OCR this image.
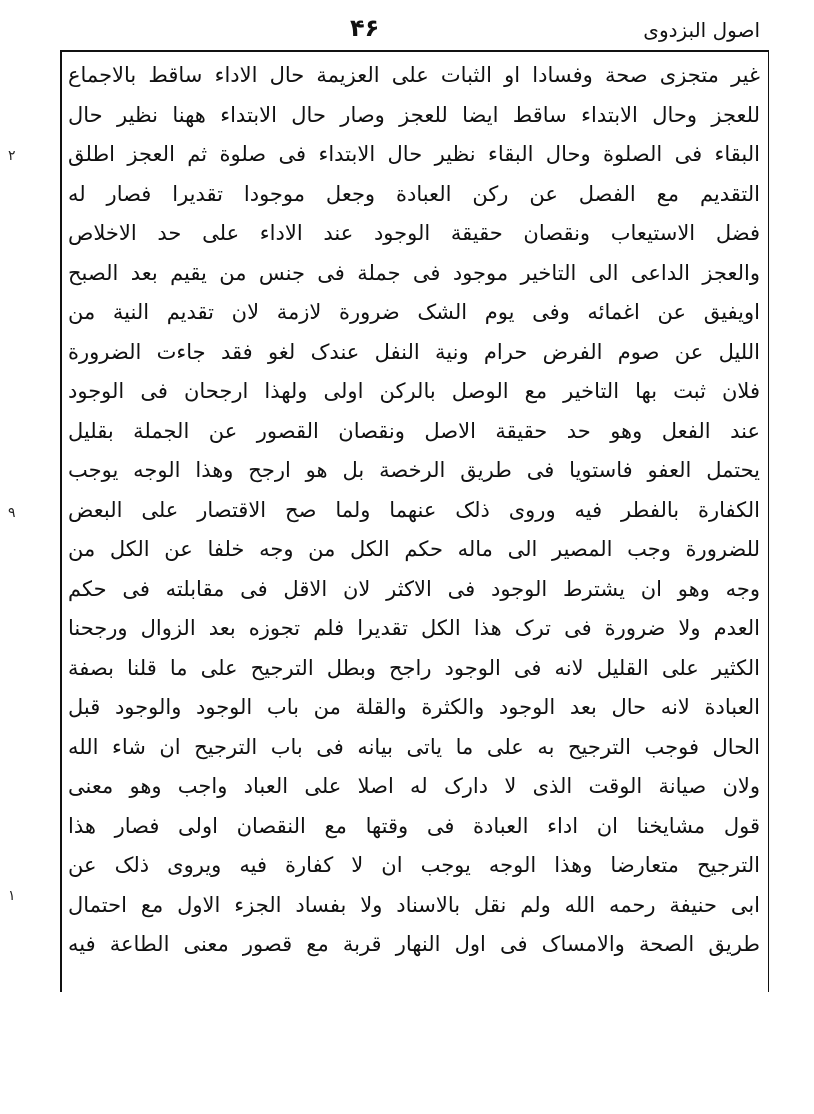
اصول البزدوی
۴۶
٢
٩
١
غیر متجزی صحة وفسادا او الثبات علی العزیمة حال الاداء ساقط بالاجماع
للعجز وحال الابتداء ساقط ایضا للعجز وصار حال الابتداء ههنا نظیر حال
البقاء فی الصلوة وحال البقاء نظیر حال الابتداء فی صلوة ثم العجز اطلق
التقدیم مع الفصل عن رکن العبادة وجعل موجودا تقدیرا فصار له
فضل الاستیعاب ونقصان حقیقة الوجود عند الاداء علی حد الاخلاص
والعجز الداعی الی التاخیر موجود فی جملة فی جنس من یقیم بعد الصبح
اویفیق عن اغمائه وفی یوم الشک ضرورة لازمة لان تقدیم النیة من
اللیل عن صوم الفرض حرام ونیة النفل عندک لغو فقد جاءت الضرورة
فلان ثبت بها التاخیر مع الوصل بالرکن اولی ولهذا ارجحان فی الوجود
عند الفعل وهو حد حقیقة الاصل ونقصان القصور عن الجملة بقلیل
یحتمل العفو فاستویا فی طریق الرخصة بل هو ارجح وهذا الوجه یوجب
الکفارة بالفطر فیه وروی ذلک عنهما ولما صح الاقتصار علی البعض
للضرورة وجب المصیر الی ماله حکم الکل من وجه خلفا عن الکل من
وجه وهو ان یشترط الوجود فی الاکثر لان الاقل فی مقابلته فی حکم
العدم ولا ضرورة فی ترک هذا الکل تقدیرا فلم تجوزه بعد الزوال ورجحنا
الکثیر علی القلیل لانه فی الوجود راجح وبطل الترجیح علی ما قلنا بصفة
العبادة لانه حال بعد الوجود والکثرة والقلة من باب الوجود والوجود قبل
الحال فوجب الترجیح به علی ما یاتی بیانه فی باب الترجیح ان شاء الله
ولان صیانة الوقت الذی لا دارک له اصلا علی العباد واجب وهو معنی
قول مشایخنا ان اداء العبادة فی وقتها مع النقصان اولی فصار هذا
الترجیح متعارضا وهذا الوجه یوجب ان لا کفارة فیه ویروی ذلک عن
ابی حنیفة رحمه الله ولم نقل بالاسناد ولا بفساد الجزء الاول مع احتمال
طریق الصحة والامساک فی اول النهار قربة مع قصور معنی الطاعة فیه
